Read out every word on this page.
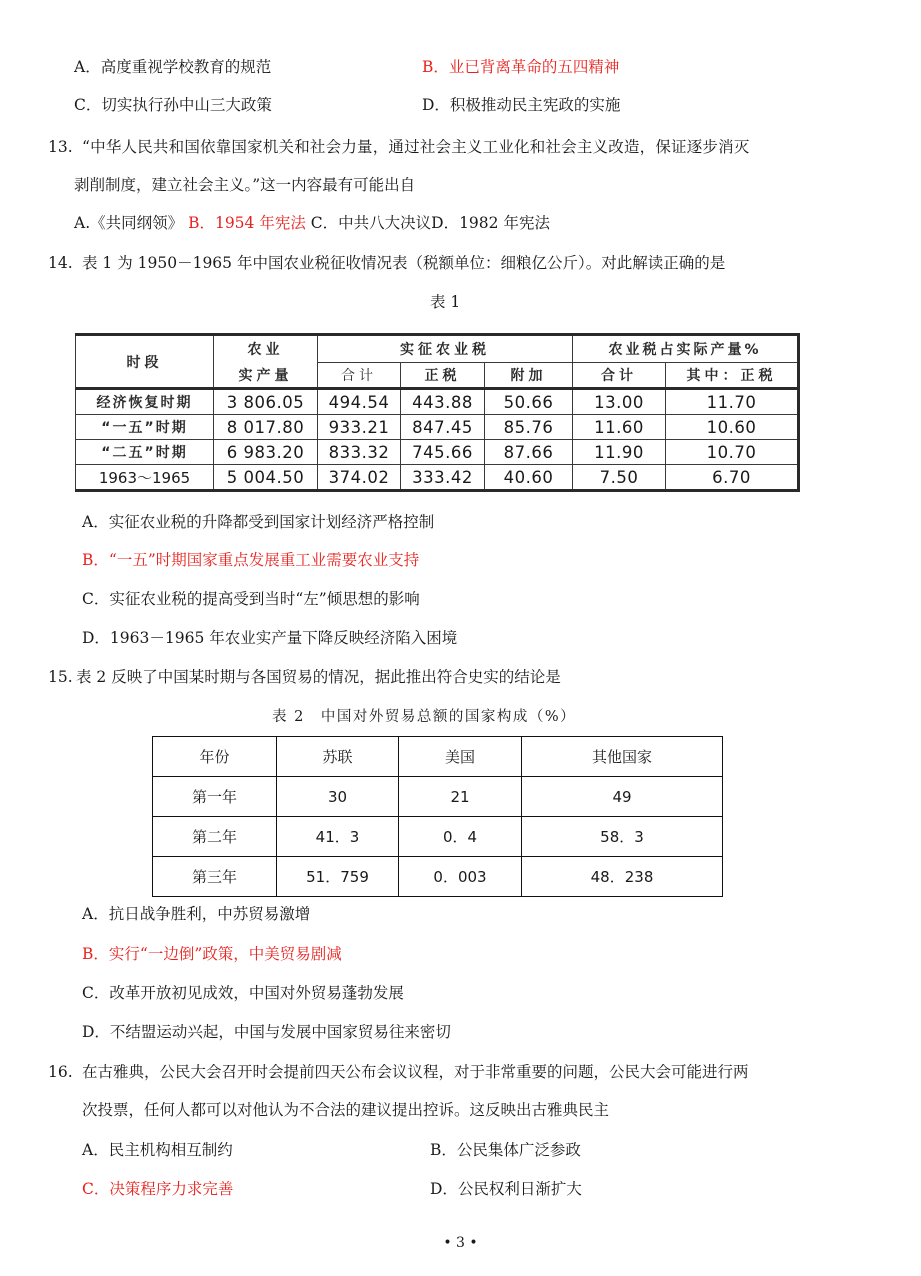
A．高度重视学校教育的规范	B．业已背离革命的五四精神
C．切实执行孙中山三大政策	D．积极推动民主宪政的实施
13. “中华人民共和国依靠国家机关和社会力量，通过社会主义工业化和社会主义改造，保证逐步消灭
剥削制度，建立社会主义。”这一内容最有可能出自
A.《共同纲领》 B．1954 年宪法 C．中共八大决议D．1982 年宪法
14. 表 1 为 1950－1965 年中国农业税征收情况表（税额单位：细粮亿公斤）。对此解读正确的是
表 1
时段	农业	实征农业税			农业税占实际产量%	
	实产量	合计	正税	附加	合计	其中：正税
经济恢复时期	3 806.05	494.54	443.88	50.66	13.00	11.70
“一五”时期	8 017.80	933.21	847.45	85.76	11.60	10.60
“二五”时期	6 983.20	833.32	745.66	87.66	11.90	10.70
1963～1965	5 004.50	374.02	333.42	40.60	7.50	6.70
A．实征农业税的升降都受到国家计划经济严格控制
B．“一五”时期国家重点发展重工业需要农业支持
C．实征农业税的提高受到当时“左”倾思想的影响
D．1963－1965 年农业实产量下降反映经济陷入困境
15. 表 2 反映了中国某时期与各国贸易的情况，据此推出符合史实的结论是
表 2　中国对外贸易总额的国家构成（%）
年份	苏联	美国	其他国家
第一年	30	21	49
第二年	41．3	0．4	58．3
第三年	51．759	0．003	48．238
A．抗日战争胜利，中苏贸易激增
B．实行“一边倒”政策，中美贸易剧减
C．改革开放初见成效，中国对外贸易蓬勃发展
D．不结盟运动兴起，中国与发展中国家贸易往来密切
16. 在古雅典，公民大会召开时会提前四天公布会议议程，对于非常重要的问题，公民大会可能进行两
次投票，任何人都可以对他认为不合法的建议提出控诉。这反映出古雅典民主
A．民主机构相互制约	B．公民集体广泛参政
C．决策程序力求完善	D．公民权利日渐扩大
• 3 •
